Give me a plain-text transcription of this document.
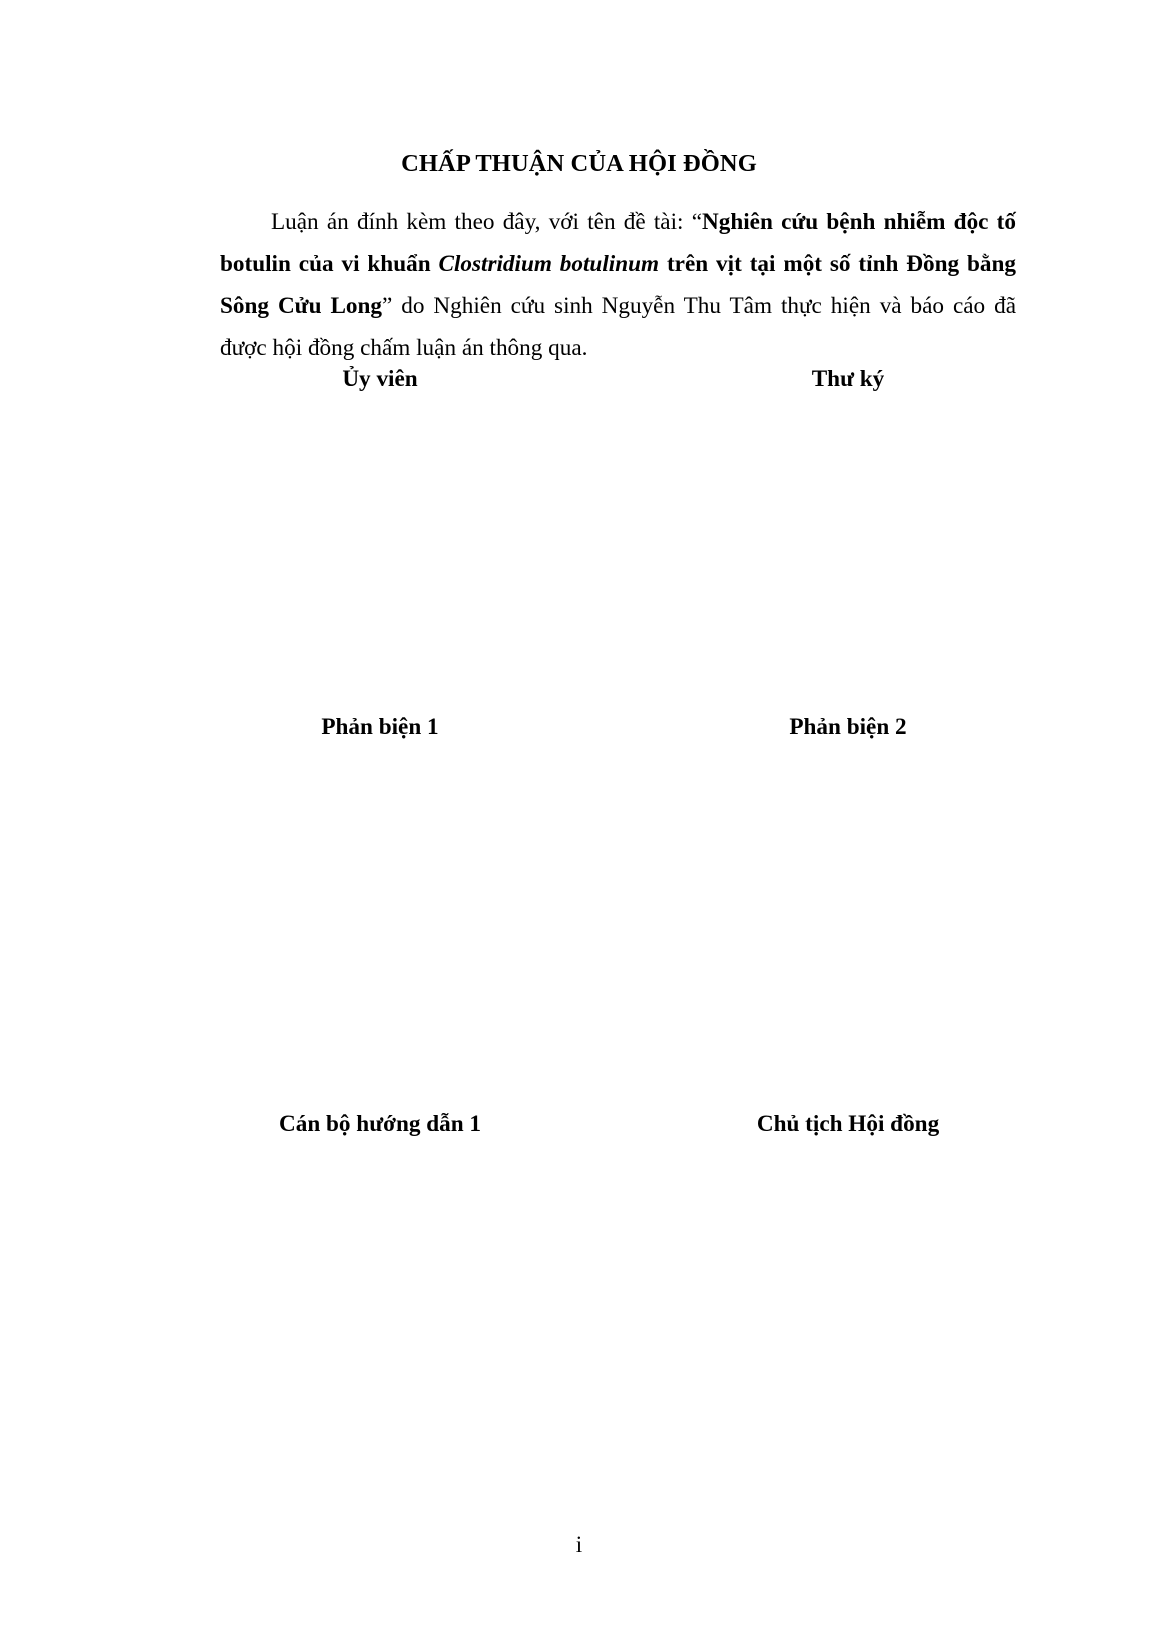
CHẤP THUẬN CỦA HỘI ĐỒNG
Luận án đính kèm theo đây, với tên đề tài: “Nghiên cứu bệnh nhiễm độc tố botulin của vi khuẩn Clostridium botulinum trên vịt tại một số tỉnh Đồng bằng Sông Cửu Long” do Nghiên cứu sinh Nguyễn Thu Tâm thực hiện và báo cáo đã được hội đồng chấm luận án thông qua.
Ủy viên	Thư ký
Phản biện 1	Phản biện 2
Cán bộ hướng dẫn 1	Chủ tịch Hội đồng
i
